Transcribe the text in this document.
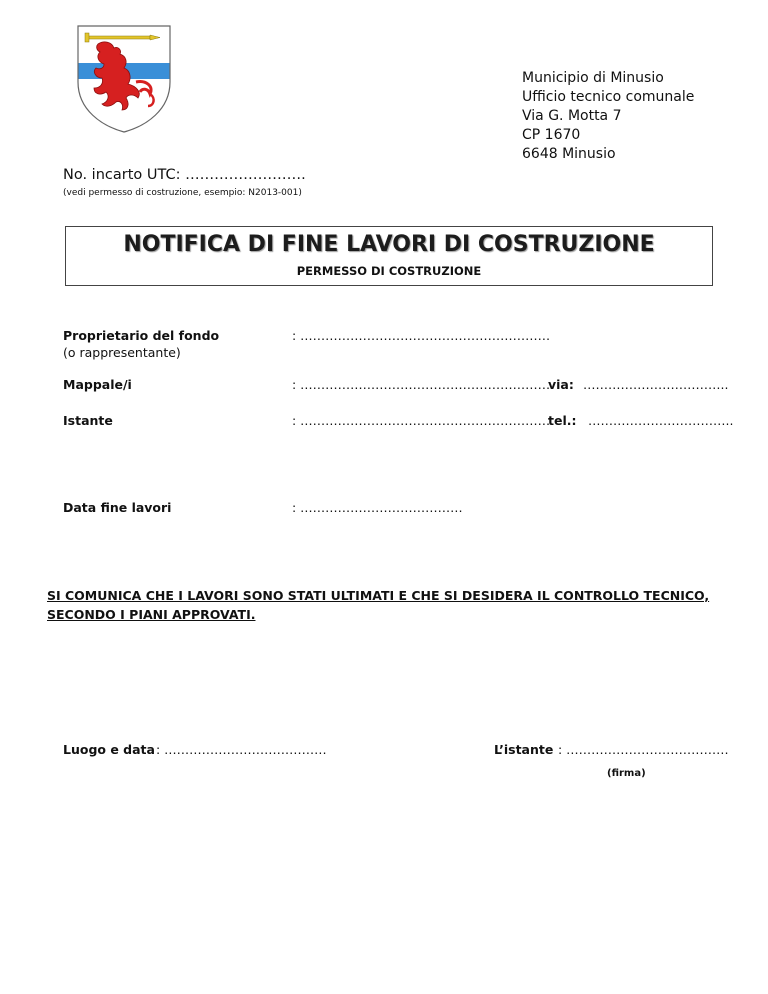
Municipio di Minusio
Ufficio tecnico comunale
Via G. Motta 7
CP 1670
6648 Minusio
No. incarto UTC: …………………….
(vedi permesso di costruzione, esempio: N2013-001)
NOTIFICA DI FINE LAVORI DI COSTRUZIONE
PERMESSO DI COSTRUZIONE
Proprietario del fondo
(o rappresentante)
: ……………………………………………………
Mappale/i	: ……………………………………………………
via: ……………………………..
Istante	: ……………………………………………………
tel.: ……………………………..
Data fine lavori	: …………………………………
SI COMUNICA CHE I LAVORI SONO STATI ULTIMATI E CHE SI DESIDERA IL CONTROLLO TECNICO,
SECONDO I PIANI APPROVATI.
Luogo e data : …………………………………	L’istante : …………………………………
(firma)
